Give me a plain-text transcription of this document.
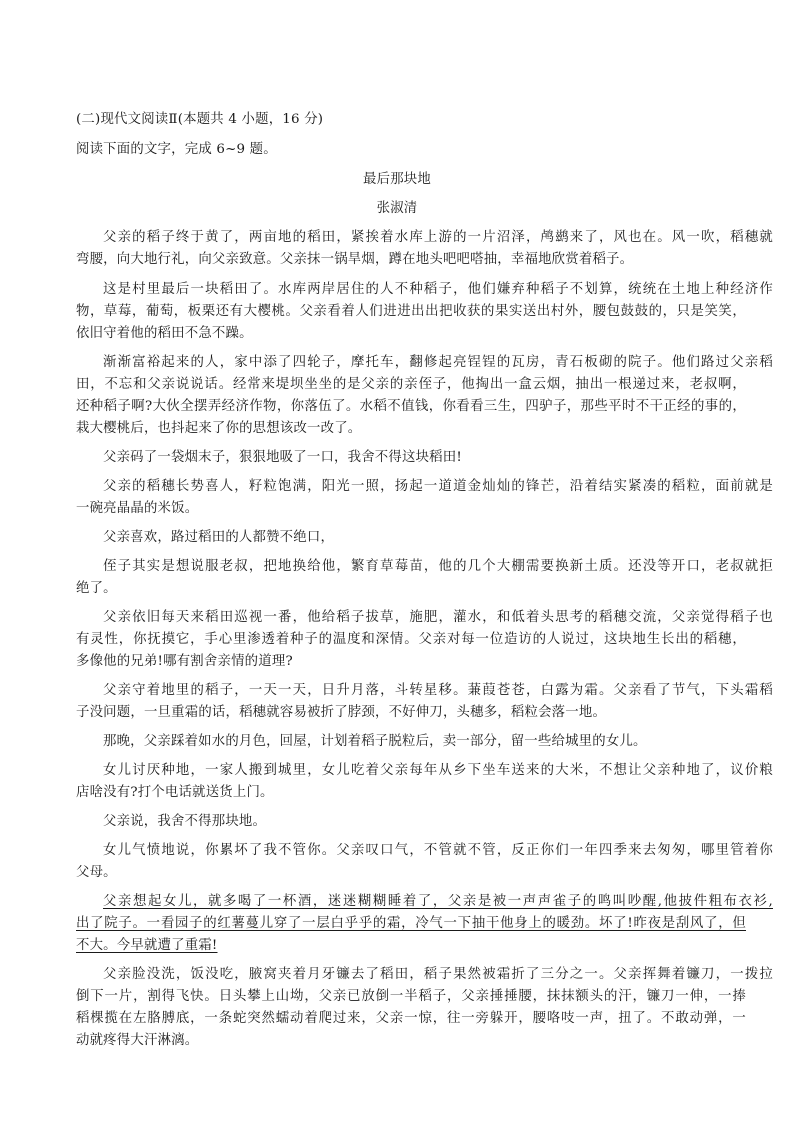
(二)现代文阅读Ⅱ(本题共 4 小题，16 分)
阅读下面的文字，完成 6~9 题。
最后那块地
张淑清
父亲的稻子终于黄了，两亩地的稻田，紧挨着水库上游的一片沼泽，鸬鹚来了，风也在。风一吹，稻穗就
弯腰，向大地行礼，向父亲致意。父亲抹一锅旱烟，蹲在地头吧吧嗒抽，幸福地欣赏着稻子。
这是村里最后一块稻田了。水库两岸居住的人不种稻子，他们嫌弃种稻子不划算，统统在土地上种经济作
物，草莓，葡萄，板栗还有大樱桃。父亲看着人们进进出出把收获的果实送出村外，腰包鼓鼓的，只是笑笑，
依旧守着他的稻田不急不躁。
渐渐富裕起来的人，家中添了四轮子，摩托车，翻修起亮锃锃的瓦房，青石板砌的院子。他们路过父亲稻
田，不忘和父亲说说话。经常来堤坝坐坐的是父亲的亲侄子，他掏出一盒云烟，抽出一根递过来，老叔啊，
还种稻子啊?大伙全摆弄经济作物，你落伍了。水稻不值钱，你看看三生，四驴子，那些平时不干正经的事的，
栽大樱桃后，也抖起来了你的思想该改一改了。
父亲码了一袋烟末子，狠狠地吸了一口，我舍不得这块稻田!
父亲的稻穗长势喜人，籽粒饱满，阳光一照，扬起一道道金灿灿的锋芒，沿着结实紧凑的稻粒，面前就是
一碗亮晶晶的米饭。
父亲喜欢，路过稻田的人都赞不绝口，
侄子其实是想说服老叔，把地换给他，繁育草莓苗，他的几个大棚需要换新土质。还没等开口，老叔就拒
绝了。
父亲依旧每天来稻田巡视一番，他给稻子拔草，施肥，灌水，和低着头思考的稻穗交流，父亲觉得稻子也
有灵性，你抚摸它，手心里渗透着种子的温度和深情。父亲对每一位造访的人说过，这块地生长出的稻穗，
多像他的兄弟!哪有割舍亲情的道理?
父亲守着地里的稻子，一天一天，日升月落，斗转星移。蒹葭苍苍，白露为霜。父亲看了节气，下头霜稻
子没问题，一旦重霜的话，稻穗就容易被折了脖颈，不好伸刀，头穗多，稻粒会落一地。
那晚，父亲踩着如水的月色，回屋，计划着稻子脱粒后，卖一部分，留一些给城里的女儿。
女儿讨厌种地，一家人搬到城里，女儿吃着父亲每年从乡下坐车送来的大米，不想让父亲种地了，议价粮
店啥没有?打个电话就送货上门。
父亲说，我舍不得那块地。
女儿气愤地说，你累坏了我不管你。父亲叹口气，不管就不管，反正你们一年四季来去匆匆，哪里管着你
父母。
父亲想起女儿，就多喝了一杯酒，迷迷糊糊睡着了，父亲是被一声声雀子的鸣叫吵醒,他披件粗布衣衫,
出了院子。一看园子的红薯蔓儿穿了一层白乎乎的霜，冷气一下抽干他身上的暖劲。坏了!昨夜是刮风了，但
不大。今早就遭了重霜!
父亲脸没洗，饭没吃，腋窝夹着月牙镰去了稻田，稻子果然被霜折了三分之一。父亲挥舞着镰刀，一拨拉
倒下一片，割得飞快。日头攀上山坳，父亲已放倒一半稻子，父亲捶捶腰，抹抹额头的汗，镰刀一伸，一捧
稻棵揽在左胳膊底，一条蛇突然蠕动着爬过来，父亲一惊，往一旁躲开，腰咯吱一声，扭了。不敢动弹，一
动就疼得大汗淋漓。
